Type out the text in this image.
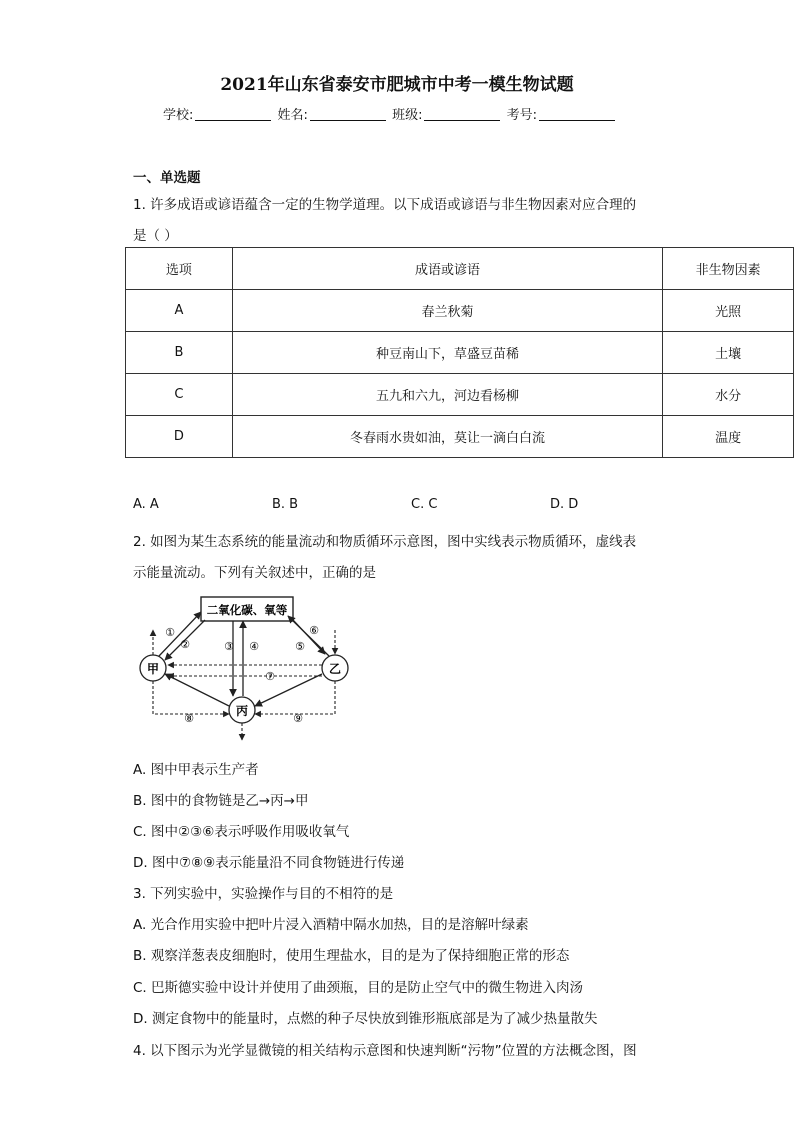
2021年山东省泰安市肥城市中考一模生物试题
学校:	姓名:	班级:	考号:
一、单选题
1. 许多成语或谚语蕴含一定的生物学道理。以下成语或谚语与非生物因素对应合理的
是（ ）
选项	成语或谚语	非生物因素
A	春兰秋菊	光照
B	种豆南山下，草盛豆苗稀	土壤
C	五九和六九，河边看杨柳	水分
D	冬春雨水贵如油，莫让一滴白白流	温度
A. A	B. B	C. C	D. D
2. 如图为某生态系统的能量流动和物质循环示意图，图中实线表示物质循环，虚线表
示能量流动。下列有关叙述中，正确的是
二氧化碳、氧等
甲	乙
丙
①
②	③ ④	⑤
⑥
⑦
⑧	⑨
A. 图中甲表示生产者
B. 图中的食物链是乙→丙→甲
C. 图中②③⑥表示呼吸作用吸收氧气
D. 图中⑦⑧⑨表示能量沿不同食物链进行传递
3. 下列实验中，实验操作与目的不相符的是
A. 光合作用实验中把叶片浸入酒精中隔水加热，目的是溶解叶绿素
B. 观察洋葱表皮细胞时，使用生理盐水，目的是为了保持细胞正常的形态
C. 巴斯德实验中设计并使用了曲颈瓶，目的是防止空气中的微生物进入肉汤
D. 测定食物中的能量时，点燃的种子尽快放到锥形瓶底部是为了减少热量散失
4. 以下图示为光学显微镜的相关结构示意图和快速判断“污物”位置的方法概念图，图
